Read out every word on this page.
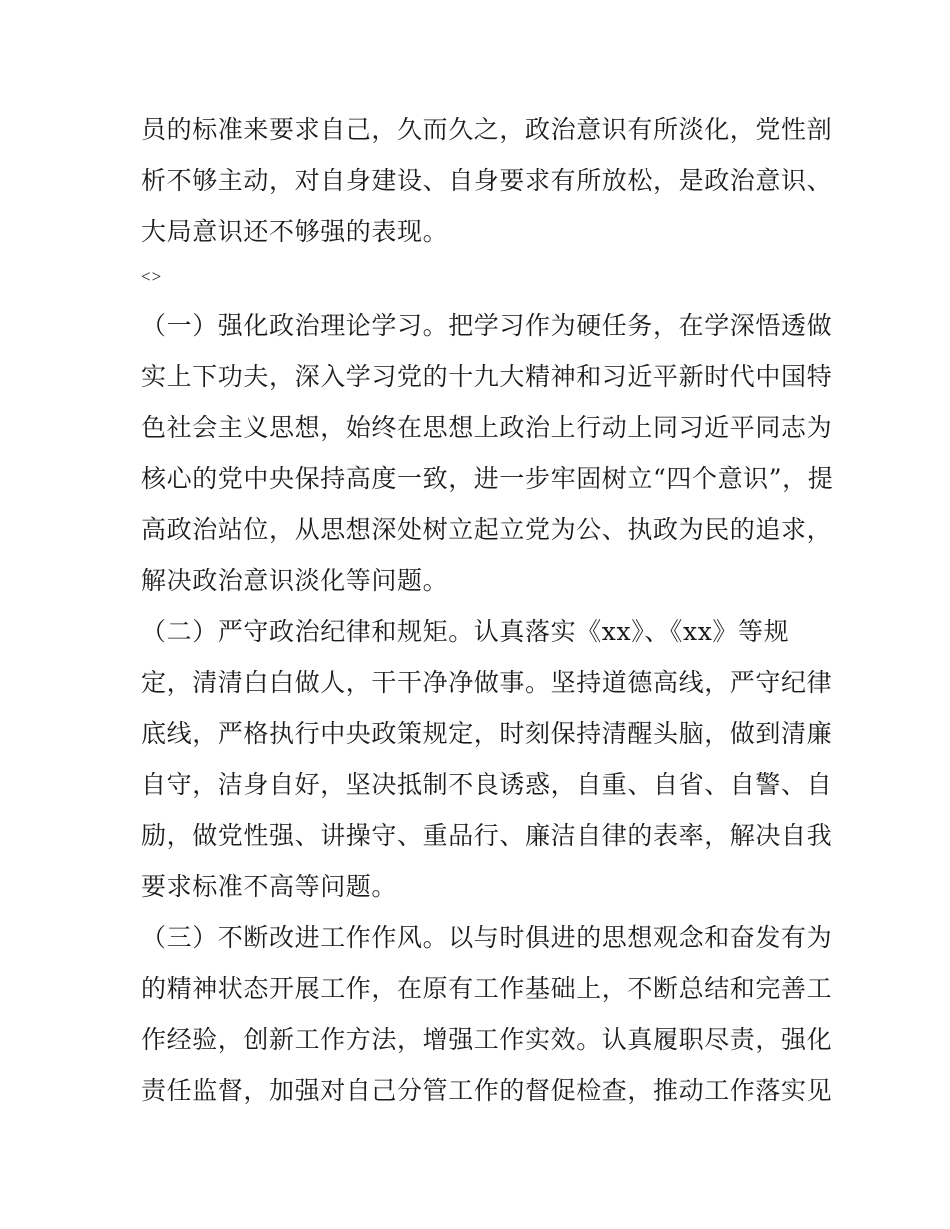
员的标准来要求自己，久而久之，政治意识有所淡化，党性剖
析不够主动，对自身建设、自身要求有所放松，是政治意识、
大局意识还不够强的表现。
<>
（一）强化政治理论学习。把学习作为硬任务，在学深悟透做
实上下功夫，深入学习党的十九大精神和习近平新时代中国特
色社会主义思想，始终在思想上政治上行动上同习近平同志为
核心的党中央保持高度一致，进一步牢固树立“四个意识”，提
高政治站位，从思想深处树立起立党为公、执政为民的追求，
解决政治意识淡化等问题。
（二）严守政治纪律和规矩。认真落实《xx》、《xx》等规
定，清清白白做人，干干净净做事。坚持道德高线，严守纪律
底线，严格执行中央政策规定，时刻保持清醒头脑，做到清廉
自守，洁身自好，坚决抵制不良诱惑，自重、自省、自警、自
励，做党性强、讲操守、重品行、廉洁自律的表率，解决自我
要求标准不高等问题。
（三）不断改进工作作风。以与时俱进的思想观念和奋发有为
的精神状态开展工作，在原有工作基础上，不断总结和完善工
作经验，创新工作方法，增强工作实效。认真履职尽责，强化
责任监督，加强对自己分管工作的督促检查，推动工作落实见
